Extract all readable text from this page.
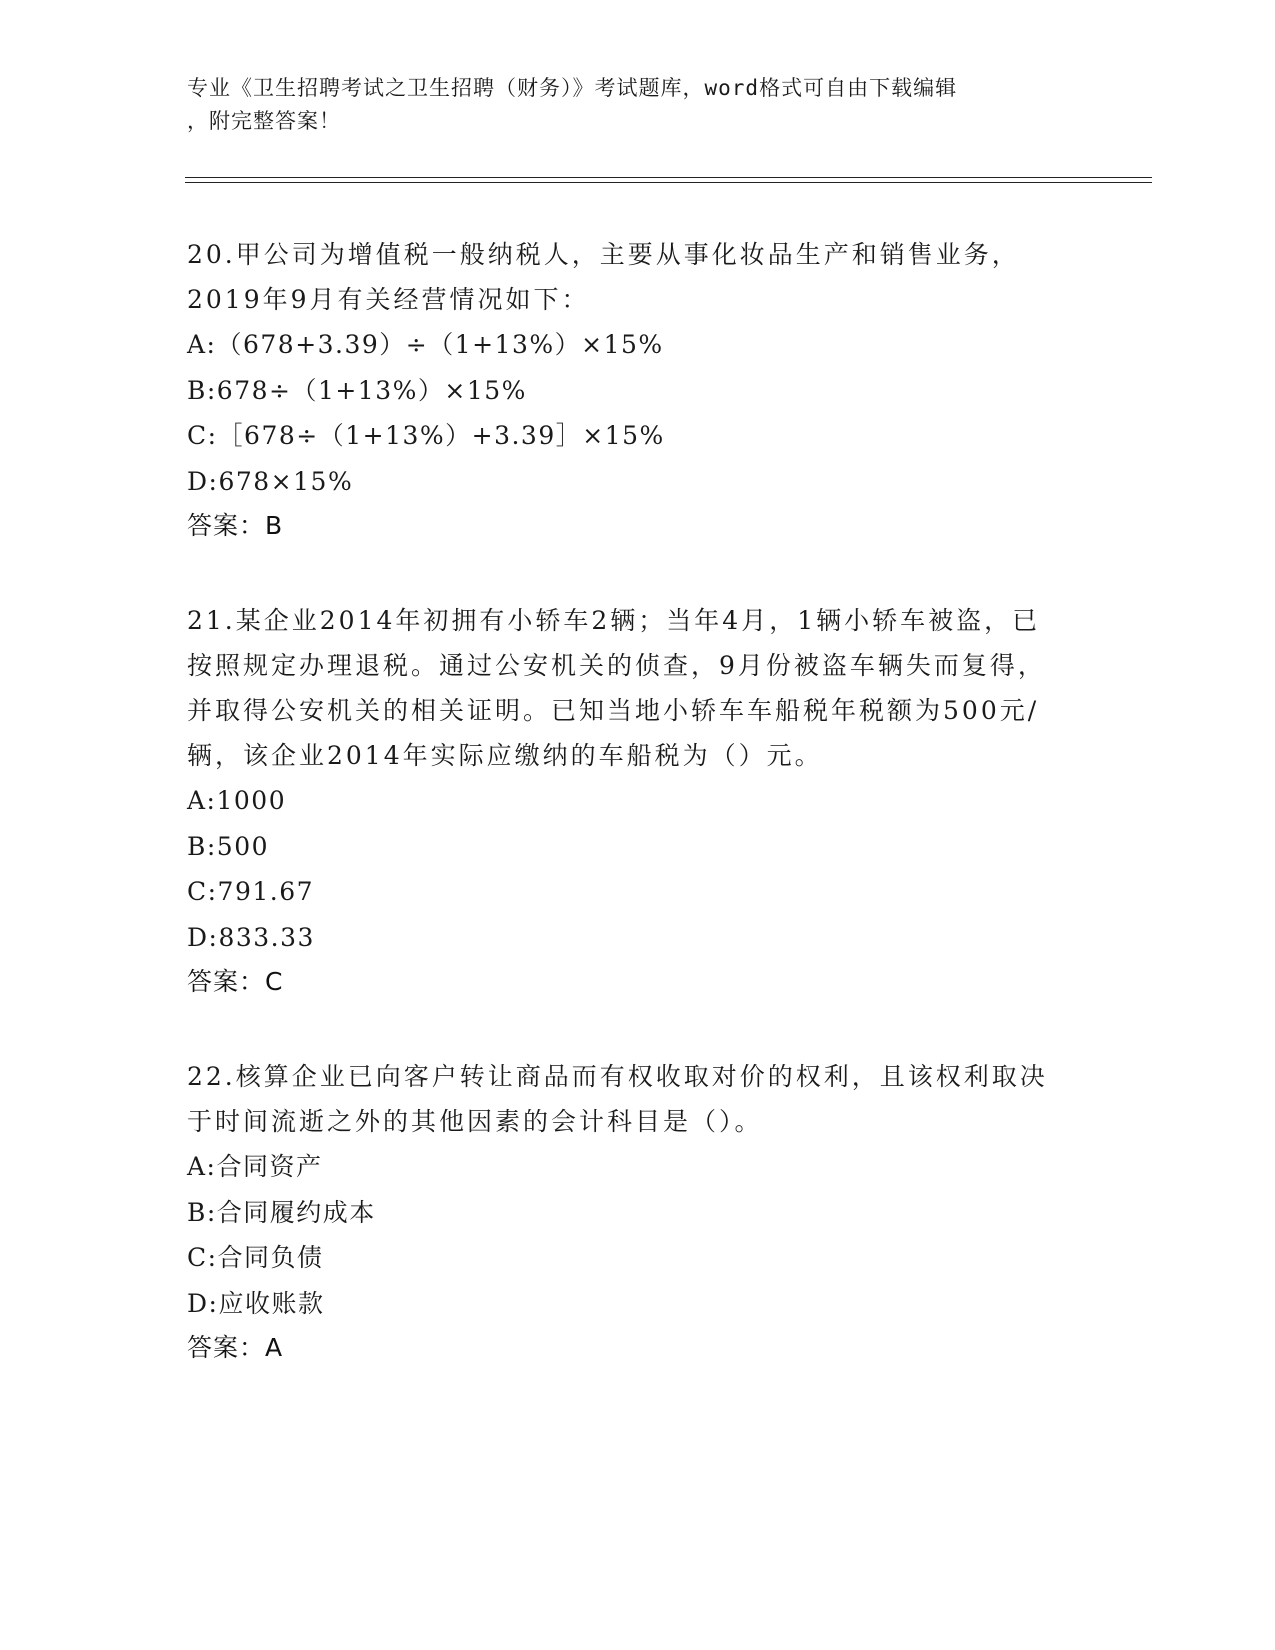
专业《卫生招聘考试之卫生招聘（财务）》考试题库，word格式可自由下载编辑
，附完整答案！
20.甲公司为增值税一般纳税人，主要从事化妆品生产和销售业务，
2019年9月有关经营情况如下：
A:（678+3.39）÷（1+13%）×15%
B:678÷（1+13%）×15%
C:［678÷（1+13%）+3.39］×15%
D:678×15%
答案：B
21.某企业2014年初拥有小轿车2辆；当年4月，1辆小轿车被盗，已
按照规定办理退税。通过公安机关的侦查，9月份被盗车辆失而复得，
并取得公安机关的相关证明。已知当地小轿车车船税年税额为500元/
辆，该企业2014年实际应缴纳的车船税为（）元。
A:1000
B:500
C:791.67
D:833.33
答案：C
22.核算企业已向客户转让商品而有权收取对价的权利，且该权利取决
于时间流逝之外的其他因素的会计科目是（）。
A:合同资产
B:合同履约成本
C:合同负债
D:应收账款
答案：A
